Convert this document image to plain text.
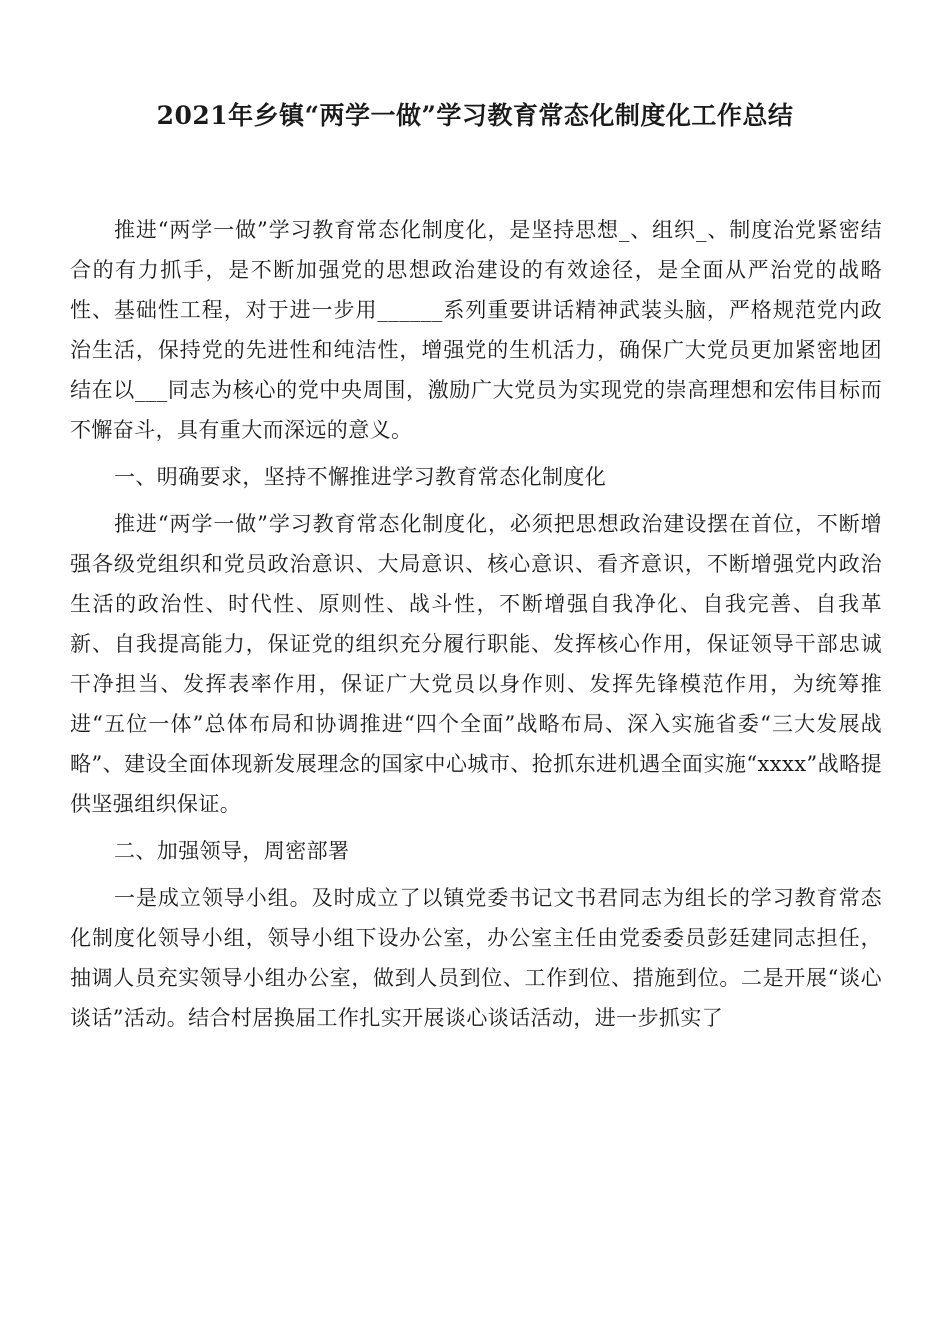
2021年乡镇“两学一做”学习教育常态化制度化工作总结

推进“两学一做”学习教育常态化制度化，是坚持思想_、组织_、制度治党紧密结合的有力抓手，是不断加强党的思想政治建设的有效途径，是全面从严治党的战略性、基础性工程，对于进一步用______系列重要讲话精神武装头脑，严格规范党内政治生活，保持党的先进性和纯洁性，增强党的生机活力，确保广大党员更加紧密地团结在以___同志为核心的党中央周围，激励广大党员为实现党的崇高理想和宏伟目标而不懈奋斗，具有重大而深远的意义。

一、明确要求，坚持不懈推进学习教育常态化制度化

推进“两学一做”学习教育常态化制度化，必须把思想政治建设摆在首位，不断增强各级党组织和党员政治意识、大局意识、核心意识、看齐意识，不断增强党内政治生活的政治性、时代性、原则性、战斗性，不断增强自我净化、自我完善、自我革新、自我提高能力，保证党的组织充分履行职能、发挥核心作用，保证领导干部忠诚干净担当、发挥表率作用，保证广大党员以身作则、发挥先锋模范作用，为统筹推进“五位一体”总体布局和协调推进“四个全面”战略布局、深入实施省委“三大发展战略”、建设全面体现新发展理念的国家中心城市、抢抓东进机遇全面实施“xxxx”战略提供坚强组织保证。

二、加强领导，周密部署

一是成立领导小组。及时成立了以镇党委书记文书君同志为组长的学习教育常态化制度化领导小组，领导小组下设办公室，办公室主任由党委委员彭廷建同志担任，抽调人员充实领导小组办公室，做到人员到位、工作到位、措施到位。二是开展“谈心谈话”活动。结合村居换届工作扎实开展谈心谈话活动，进一步抓实了
